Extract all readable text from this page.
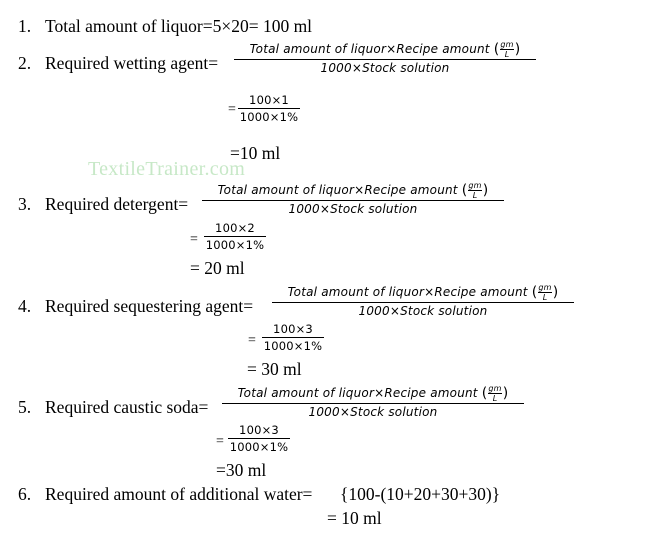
TextileTrainer.com
1. Total amount of liquor=5×20= 100 ml
2. Required wetting agent=
Total amount of liquor×Recipe amount ( $\frac{gm}{L}$ )
1000×Stock solution
=
100×1
1000×1%
=10 ml
3. Required detergent=
Total amount of liquor×Recipe amount ( $\frac{gm}{L}$ )
1000×Stock solution
=
100×2
1000×1%
= 20 ml
4. Required sequestering agent=
Total amount of liquor×Recipe amount ( $\frac{gm}{L}$ )
1000×Stock solution
=
100×3
1000×1%
= 30 ml
5. Required caustic soda=
Total amount of liquor×Recipe amount ( $\frac{gm}{L}$ )
1000×Stock solution
=
100×3
1000×1%
=30 ml
6. Required amount of additional water= {100-(10+20+30+30)}
= 10 ml
